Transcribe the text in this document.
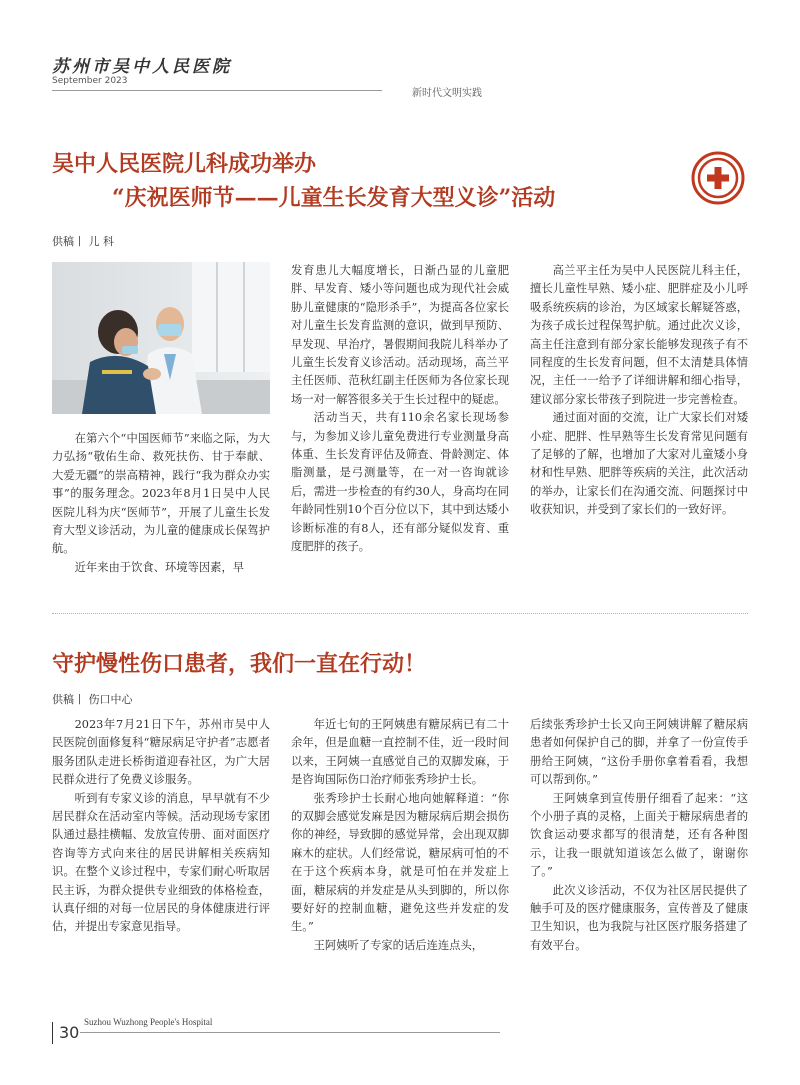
苏州市吴中人民医院
September 2023
新时代文明实践
吴中人民医院儿科成功举办
“庆祝医师节——儿童生长发育大型义诊”活动
供稿丨 儿 科

在第六个“中国医师节”来临之际，为大力弘扬“敬佑生命、救死扶伤、甘于奉献、大爱无疆”的崇高精神，践行“我为群众办实事”的服务理念。2023年8月1日吴中人民医院儿科为庆“医师节”，开展了儿童生长发育大型义诊活动，为儿童的健康成长保驾护航。

近年来由于饮食、环境等因素，早

发育患儿大幅度增长，日渐凸显的儿童肥胖、早发育、矮小等问题也成为现代社会威胁儿童健康的“隐形杀手”，为提高各位家长对儿童生长发育监测的意识，做到早预防、早发现、早治疗，暑假期间我院儿科举办了儿童生长发育义诊活动。活动现场，高兰平主任医师、范秋红副主任医师为各位家长现场一对一解答很多关于生长过程中的疑虑。

活动当天，共有110余名家长现场参与，为参加义诊儿童免费进行专业测量身高体重、生长发育评估及筛查、骨龄测定、体脂测量，是弓测量等，在一对一咨询就诊后，需进一步检查的有约30人，身高均在同年龄同性别10个百分位以下，其中到达矮小诊断标准的有8人，还有部分疑似发育、重度肥胖的孩子。

高兰平主任为吴中人民医院儿科主任，擅长儿童性早熟、矮小症、肥胖症及小儿呼吸系统疾病的诊治，为区域家长解疑答惑，为孩子成长过程保驾护航。通过此次义诊，高主任注意到有部分家长能够发现孩子有不同程度的生长发育问题，但不太清楚具体情况，主任一一给予了详细讲解和细心指导，建议部分家长带孩子到院进一步完善检查。

通过面对面的交流，让广大家长们对矮小症、肥胖、性早熟等生长发育常见问题有了足够的了解，也增加了大家对儿童矮小身材和性早熟、肥胖等疾病的关注，此次活动的举办，让家长们在沟通交流、问题探讨中收获知识，并受到了家长们的一致好评。

守护慢性伤口患者，我们一直在行动！
供稿丨 伤口中心

2023年7月21日下午，苏州市吴中人民医院创面修复科“糖尿病足守护者”志愿者服务团队走进长桥街道迎春社区，为广大居民群众进行了免费义诊服务。

听到有专家义诊的消息，早早就有不少居民群众在活动室内等候。活动现场专家团队通过悬挂横幅、发放宣传册、面对面医疗咨询等方式向来往的居民讲解相关疾病知识。在整个义诊过程中，专家们耐心听取居民主诉，为群众提供专业细致的体格检查，认真仔细的对每一位居民的身体健康进行评估，并提出专家意见指导。

年近七旬的王阿姨患有糖尿病已有二十余年，但是血糖一直控制不佳，近一段时间以来，王阿姨一直感觉自己的双脚发麻，于是咨询国际伤口治疗师张秀珍护士长。

张秀珍护士长耐心地向她解释道：“你的双脚会感觉发麻是因为糖尿病后期会损伤你的神经，导致脚的感觉异常，会出现双脚麻木的症状。人们经常说，糖尿病可怕的不在于这个疾病本身，就是可怕在并发症上面，糖尿病的并发症是从头到脚的，所以你要好好的控制血糖，避免这些并发症的发生。”

王阿姨听了专家的话后连连点头，

后续张秀珍护士长又向王阿姨讲解了糖尿病患者如何保护自己的脚，并拿了一份宣传手册给王阿姨，“这份手册你拿着看看，我想可以帮到你。”

王阿姨拿到宣传册仔细看了起来：“这个小册子真的灵格，上面关于糖尿病患者的饮食运动要求都写的很清楚，还有各种图示，让我一眼就知道该怎么做了，谢谢你了。”

此次义诊活动，不仅为社区居民提供了触手可及的医疗健康服务，宣传普及了健康卫生知识，也为我院与社区医疗服务搭建了有效平台。

30
Suzhou Wuzhong People's Hospital
